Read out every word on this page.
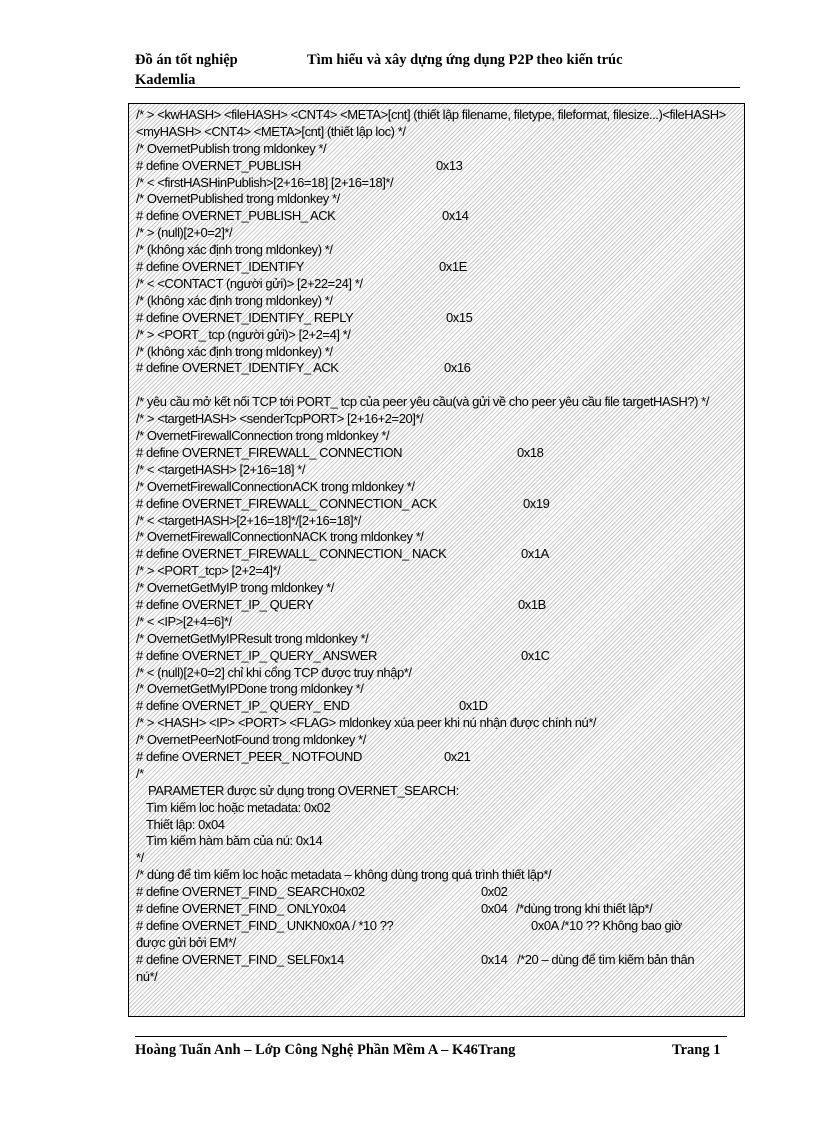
Đồ án tốt nghiệp Kademlia
Tìm hiểu và xây dựng ứng dụng P2P theo kiến trúc
/* > <kwHASH> <fileHASH> <CNT4> <META>[cnt] (thiết lập filename, filetype, fileformat, filesize...)<fileHASH> <myHASH> <CNT4> <META>[cnt] (thiết lập loc) */
/* OvernetPublish trong mldonkey */
# define OVERNET_PUBLISH	0x13
/* < <firstHASHinPublish>[2+16=18] [2+16=18]*/
/* OvernetPublished trong mldonkey */
# define OVERNET_PUBLISH_ ACK	0x14
/* > (null)[2+0=2]*/
/* (không xác định trong mldonkey) */
# define OVERNET_IDENTIFY	0x1E
/* < <CONTACT (người gửi)> [2+22=24] */
/* (không xác định trong mldonkey) */
# define OVERNET_IDENTIFY_ REPLY	0x15
/* > <PORT_ tcp (người gửi)> [2+2=4] */
/* (không xác định trong mldonkey) */
# define OVERNET_IDENTIFY_ ACK	0x16
/* yêu cầu mở kết nối TCP tới PORT_ tcp của peer yêu cầu(và gửi về cho peer yêu cầu file targetHASH?) */
/* > <targetHASH> <senderTcpPORT> [2+16+2=20]*/
/* OvernetFirewallConnection trong mldonkey */
# define OVERNET_FIREWALL_ CONNECTION	0x18
/* < <targetHASH> [2+16=18] */
/* OvernetFirewallConnectionACK trong mldonkey */
# define OVERNET_FIREWALL_ CONNECTION_ ACK	0x19
/* < <targetHASH>[2+16=18]*/[2+16=18]*/
/* OvernetFirewallConnectionNACK trong mldonkey */
# define OVERNET_FIREWALL_ CONNECTION_ NACK	0x1A
/* > <PORT_tcp> [2+2=4]*/
/* OvernetGetMyIP trong mldonkey */
# define OVERNET_IP_ QUERY	0x1B
/* < <IP>[2+4=6]*/
/* OvernetGetMyIPResult trong mldonkey */
# define OVERNET_IP_ QUERY_ ANSWER	0x1C
/* < (null)[2+0=2] chỉ khi cổng TCP được truy nhập*/
/* OvernetGetMyIPDone trong mldonkey */
# define OVERNET_IP_ QUERY_ END	0x1D
/* > <HASH> <IP> <PORT> <FLAG> mldonkey xúa peer khi nú nhận được chính nú*/
/* OvernetPeerNotFound trong mldonkey */
# define OVERNET_PEER_ NOTFOUND	0x21
/*
PARAMETER được sử dụng trong OVERNET_SEARCH:
Tìm kiếm loc hoặc metadata: 0x02
Thiết lập: 0x04
Tìm kiếm hàm băm của nú: 0x14
*/
/* dùng để tìm kiếm loc hoặc metadata – không dùng trong quá trình thiết lập*/
# define OVERNET_FIND_ SEARCH0x02	0x02
# define OVERNET_FIND_ ONLY0x04	0x04 /*dùng trong khi thiết lập*/
# define OVERNET_FIND_ UNKN0x0A / *10 ??	0x0A /*10 ?? Không bao giờ
được gửi bởi EM*/
# define OVERNET_FIND_ SELF0x14	0x14 /*20 – dùng để tìm kiếm bản thân
nú*/
Hoàng Tuấn Anh – Lớp Công Nghệ Phần Mềm A – K46Trang	Trang 1
